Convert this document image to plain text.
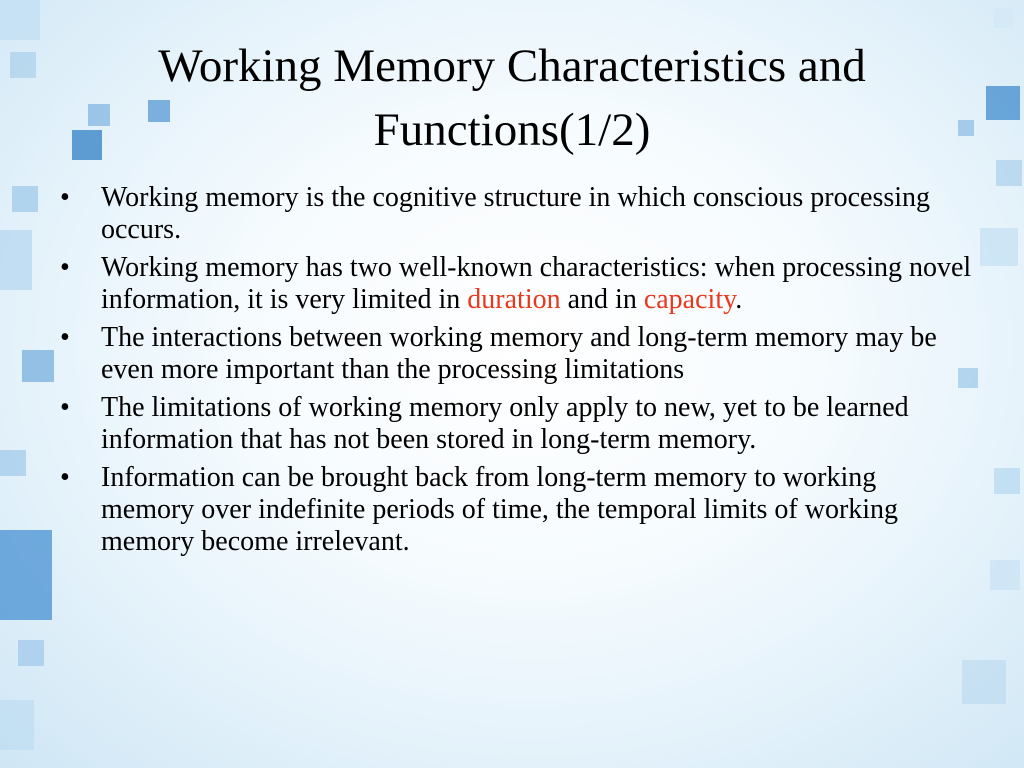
Working Memory Characteristics and Functions(1/2)
• Working memory is the cognitive structure in which conscious processing occurs.
• Working memory has two well-known characteristics: when processing novel information, it is very limited in duration and in capacity.
• The interactions between working memory and long-term memory may be even more important than the processing limitations
• The limitations of working memory only apply to new, yet to be learned information that has not been stored in long-term memory.
• Information can be brought back from long-term memory to working memory over indefinite periods of time, the temporal limits of working memory become irrelevant.
